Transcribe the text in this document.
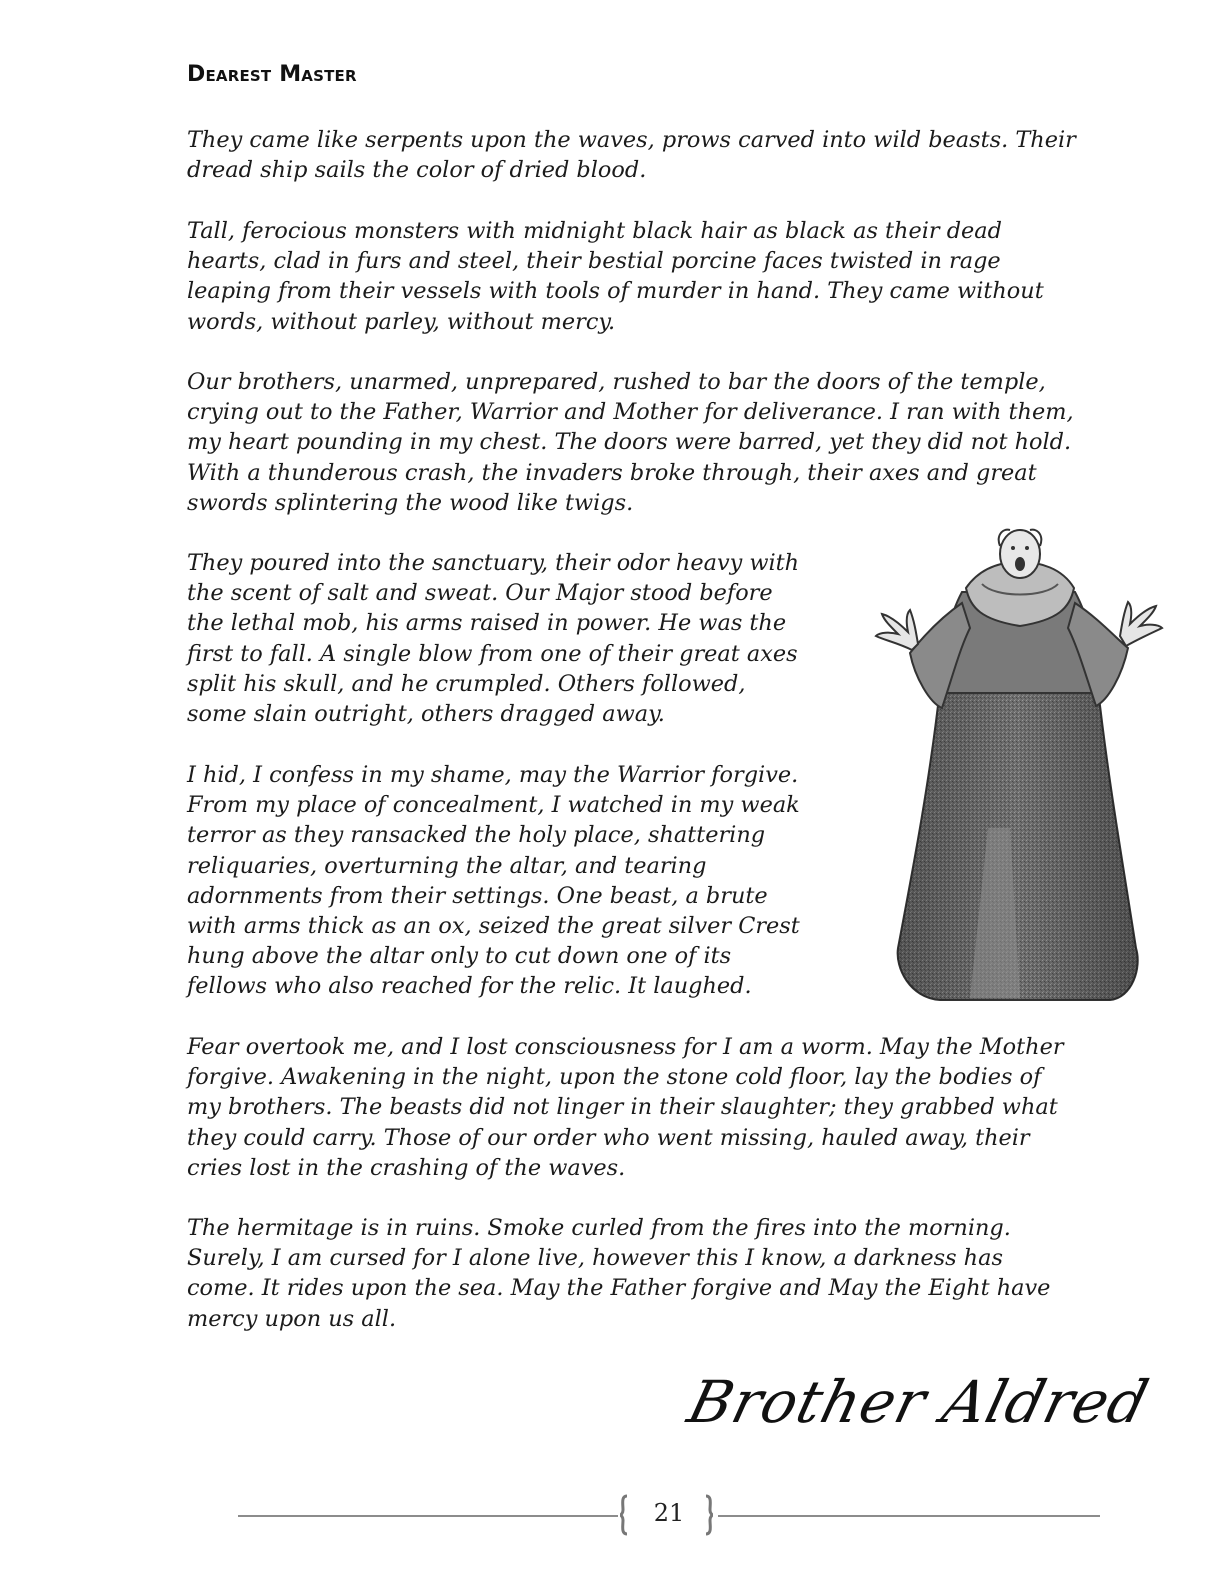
Dearest Master
They came like serpents upon the waves, prows carved into wild beasts. Their
dread ship sails the color of dried blood.
Tall, ferocious monsters with midnight black hair as black as their dead
hearts, clad in furs and steel, their bestial porcine faces twisted in rage
leaping from their vessels with tools of murder in hand. They came without
words, without parley, without mercy.
Our brothers, unarmed, unprepared, rushed to bar the doors of the temple,
crying out to the Father, Warrior and Mother for deliverance. I ran with them,
my heart pounding in my chest. The doors were barred, yet they did not hold.
With a thunderous crash, the invaders broke through, their axes and great
swords splintering the wood like twigs.
They poured into the sanctuary, their odor heavy with
the scent of salt and sweat. Our Major stood before
the lethal mob, his arms raised in power. He was the
first to fall. A single blow from one of their great axes
split his skull, and he crumpled. Others followed,
some slain outright, others dragged away.
I hid, I confess in my shame, may the Warrior forgive.
From my place of concealment, I watched in my weak
terror as they ransacked the holy place, shattering
reliquaries, overturning the altar, and tearing
adornments from their settings. One beast, a brute
with arms thick as an ox, seized the great silver Crest
hung above the altar only to cut down one of its
fellows who also reached for the relic. It laughed.
Fear overtook me, and I lost consciousness for I am a worm. May the Mother
forgive. Awakening in the night, upon the stone cold floor, lay the bodies of
my brothers. The beasts did not linger in their slaughter; they grabbed what
they could carry. Those of our order who went missing, hauled away, their
cries lost in the crashing of the waves.
The hermitage is in ruins. Smoke curled from the fires into the morning.
Surely, I am cursed for I alone live, however this I know, a darkness has
come. It rides upon the sea. May the Father forgive and May the Eight have
mercy upon us all.
Brother Aldred
21
